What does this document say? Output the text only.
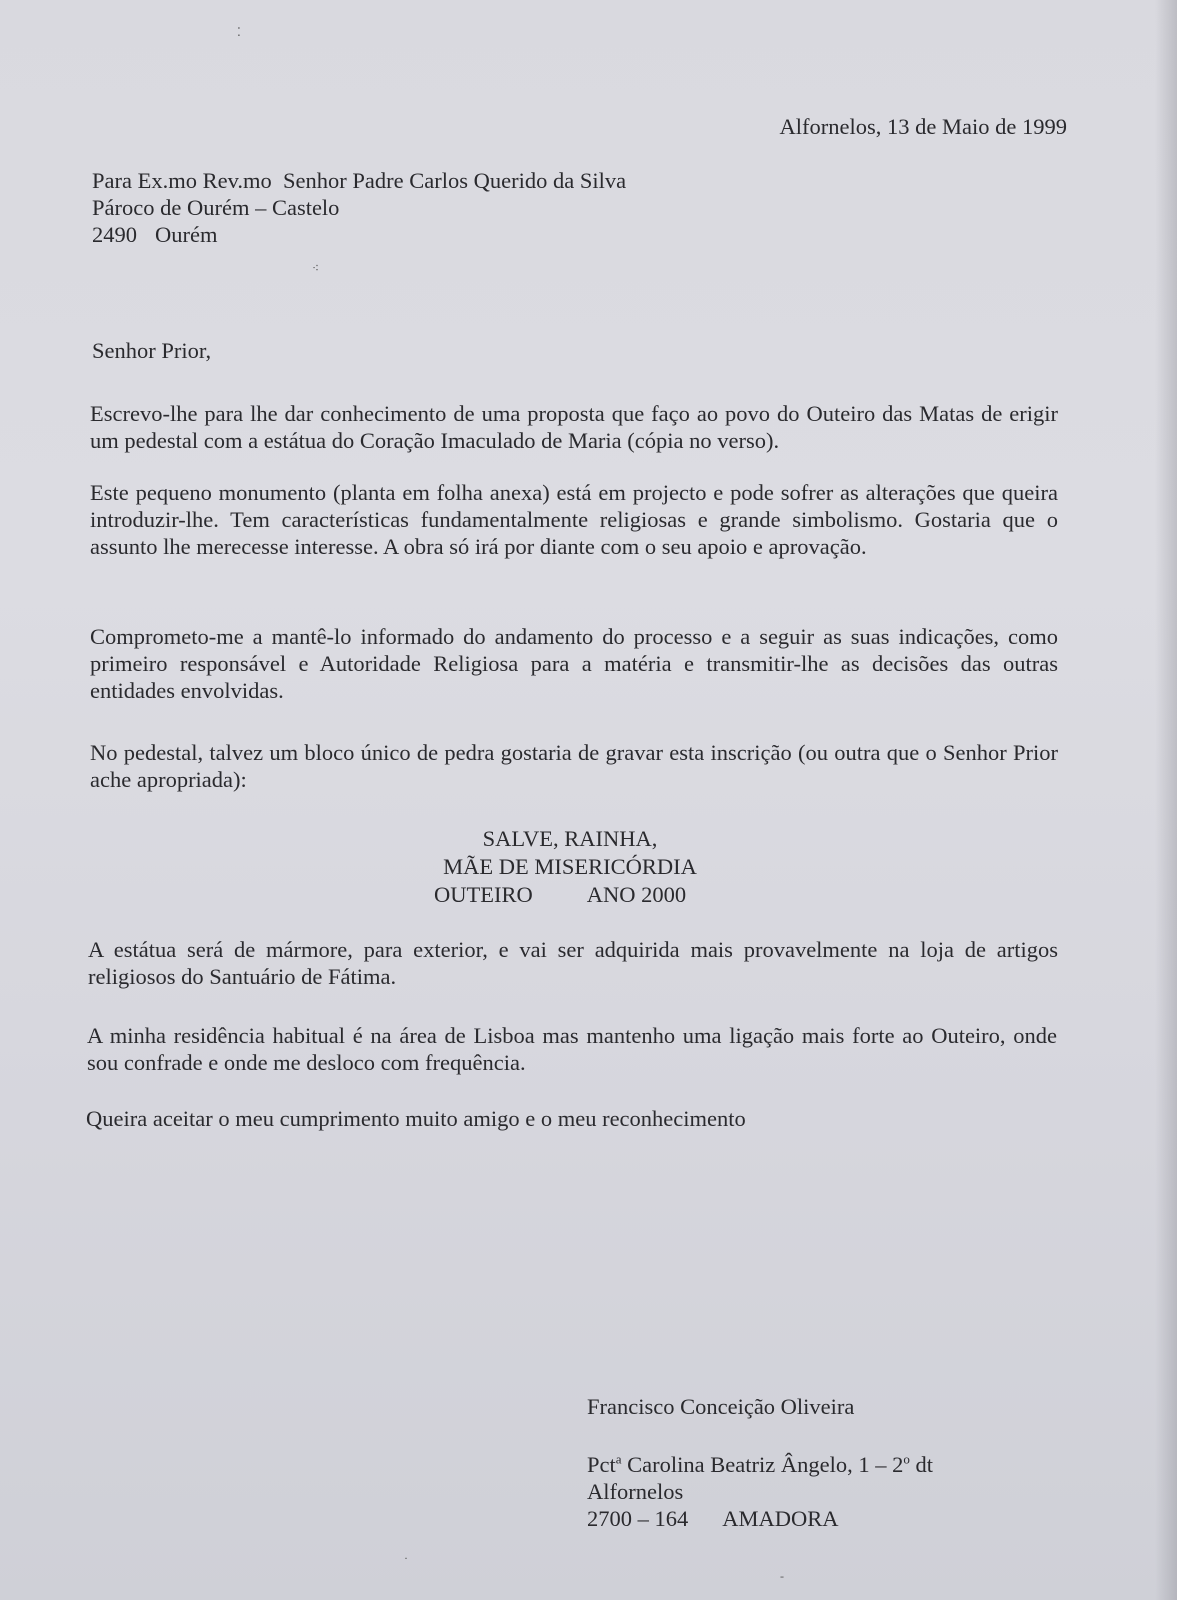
⁚
⁖
·
‐
Alfornelos, 13 de Maio de 1999
Para Ex.mo Rev.mo Senhor Padre Carlos Querido da Silva
Pároco de Ourém – Castelo
2490 Ourém
Senhor Prior,
Escrevo-lhe para lhe dar conhecimento de uma proposta que faço ao povo do Outeiro das Matas de erigir um pedestal com a estátua do Coração Imaculado de Maria (cópia no verso).
Este pequeno monumento (planta em folha anexa) está em projecto e pode sofrer as alterações que queira introduzir-lhe. Tem características fundamentalmente religiosas e grande simbolismo. Gostaria que o assunto lhe merecesse interesse. A obra só irá por diante com o seu apoio e aprovação.
Comprometo-me a mantê-lo informado do andamento do processo e a seguir as suas indicações, como primeiro responsável e Autoridade Religiosa para a matéria e transmitir-lhe as decisões das outras entidades envolvidas.
No pedestal, talvez um bloco único de pedra gostaria de gravar esta inscrição (ou outra que o Senhor Prior ache apropriada):
SALVE, RAINHA,
MÃE DE MISERICÓRDIA
OUTEIRO ANO 2000
A estátua será de mármore, para exterior, e vai ser adquirida mais provavelmente na loja de artigos religiosos do Santuário de Fátima.
A minha residência habitual é na área de Lisboa mas mantenho uma ligação mais forte ao Outeiro, onde sou confrade e onde me desloco com frequência.
Queira aceitar o meu cumprimento muito amigo e o meu reconhecimento
Francisco Conceição Oliveira
Pct$^a$ Carolina Beatriz Ângelo, 1 – 2$^o$ dt
Alfornelos
2700 – 164 AMADORA
